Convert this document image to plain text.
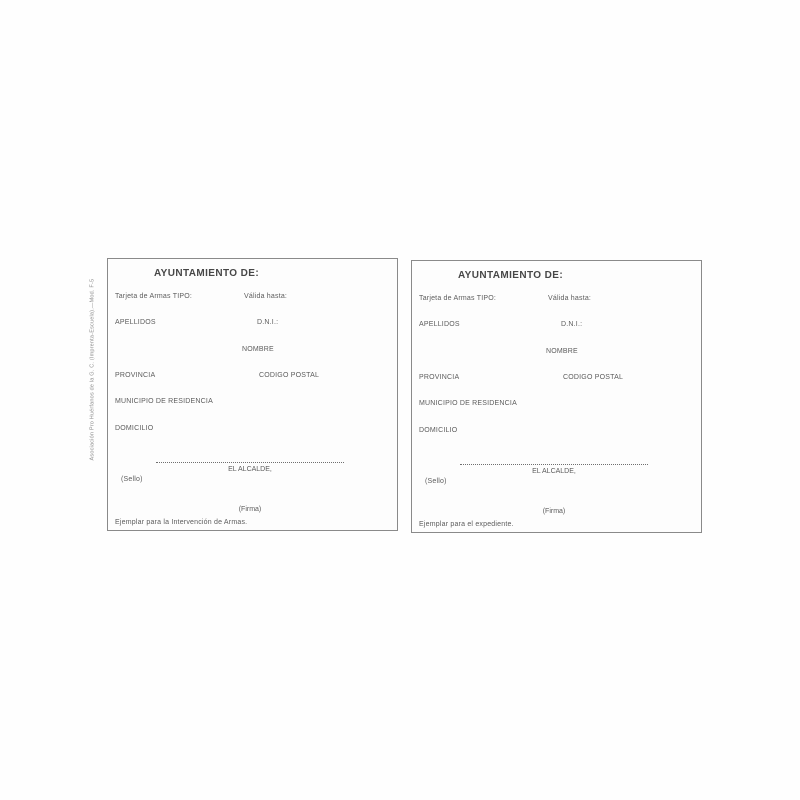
Asociación Pro Huérfanos de la G. C. (Imprenta-Escuela).—Mod. F-5
AYUNTAMIENTO DE:
Tarjeta de Armas TIPO:	Válida hasta:
APELLIDOS	D.N.I.:
NOMBRE
PROVINCIA	CODIGO POSTAL
MUNICIPIO DE RESIDENCIA
DOMICILIO
EL ALCALDE,
(Sello)
(Firma)
Ejemplar para la Intervención de Armas.
AYUNTAMIENTO DE:
Tarjeta de Armas TIPO:	Válida hasta:
APELLIDOS	D.N.I.:
NOMBRE
PROVINCIA	CODIGO POSTAL
MUNICIPIO DE RESIDENCIA
DOMICILIO
EL ALCALDE,
(Sello)
(Firma)
Ejemplar para el expediente.
